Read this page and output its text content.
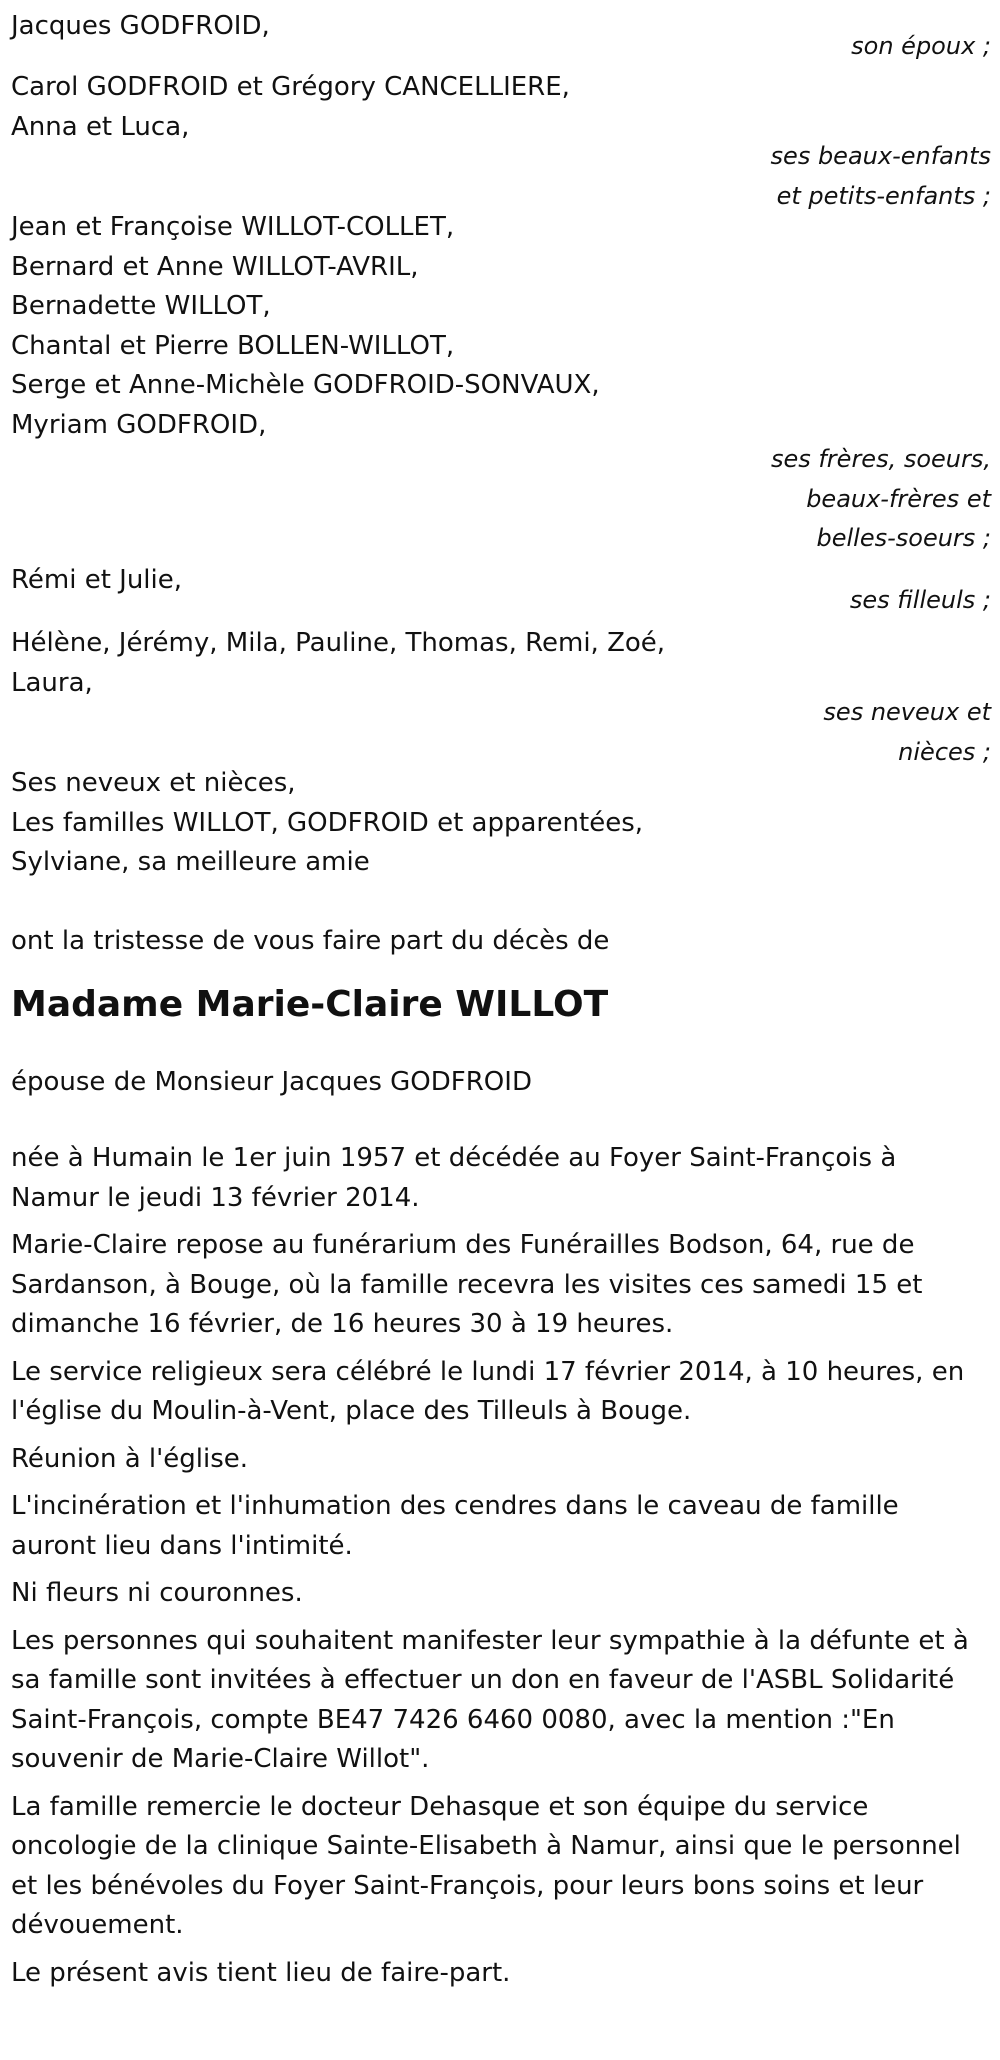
Jacques GODFROID,
son époux ;
Carol GODFROID et Grégory CANCELLIERE,
Anna et Luca,
ses beaux-enfants
et petits-enfants ;
Jean et Françoise WILLOT-COLLET,
Bernard et Anne WILLOT-AVRIL,
Bernadette WILLOT,
Chantal et Pierre BOLLEN-WILLOT,
Serge et Anne-Michèle GODFROID-SONVAUX,
Myriam GODFROID,
ses frères, soeurs,
beaux-frères et
belles-soeurs ;
Rémi et Julie,
ses filleuls ;
Hélène, Jérémy, Mila, Pauline, Thomas, Remi, Zoé,
Laura,
ses neveux et
nièces ;
Ses neveux et nièces,
Les familles WILLOT, GODFROID et apparentées,
Sylviane, sa meilleure amie

ont la tristesse de vous faire part du décès de

Madame Marie-Claire WILLOT

épouse de Monsieur Jacques GODFROID

née à Humain le 1er juin 1957 et décédée au Foyer Saint-François à Namur le jeudi 13 février 2014.

Marie-Claire repose au funérarium des Funérailles Bodson, 64, rue de Sardanson, à Bouge, où la famille recevra les visites ces samedi 15 et dimanche 16 février, de 16 heures 30 à 19 heures.

Le service religieux sera célébré le lundi 17 février 2014, à 10 heures, en l'église du Moulin-à-Vent, place des Tilleuls à Bouge.

Réunion à l'église.

L'incinération et l'inhumation des cendres dans le caveau de famille auront lieu dans l'intimité.

Ni fleurs ni couronnes.

Les personnes qui souhaitent manifester leur sympathie à la défunte et à sa famille sont invitées à effectuer un don en faveur de l'ASBL Solidarité Saint-François, compte BE47 7426 6460 0080, avec la mention :"En souvenir de Marie-Claire Willot".

La famille remercie le docteur Dehasque et son équipe du service oncologie de la clinique Sainte-Elisabeth à Namur, ainsi que le personnel et les bénévoles du Foyer Saint-François, pour leurs bons soins et leur dévouement.

Le présent avis tient lieu de faire-part.
